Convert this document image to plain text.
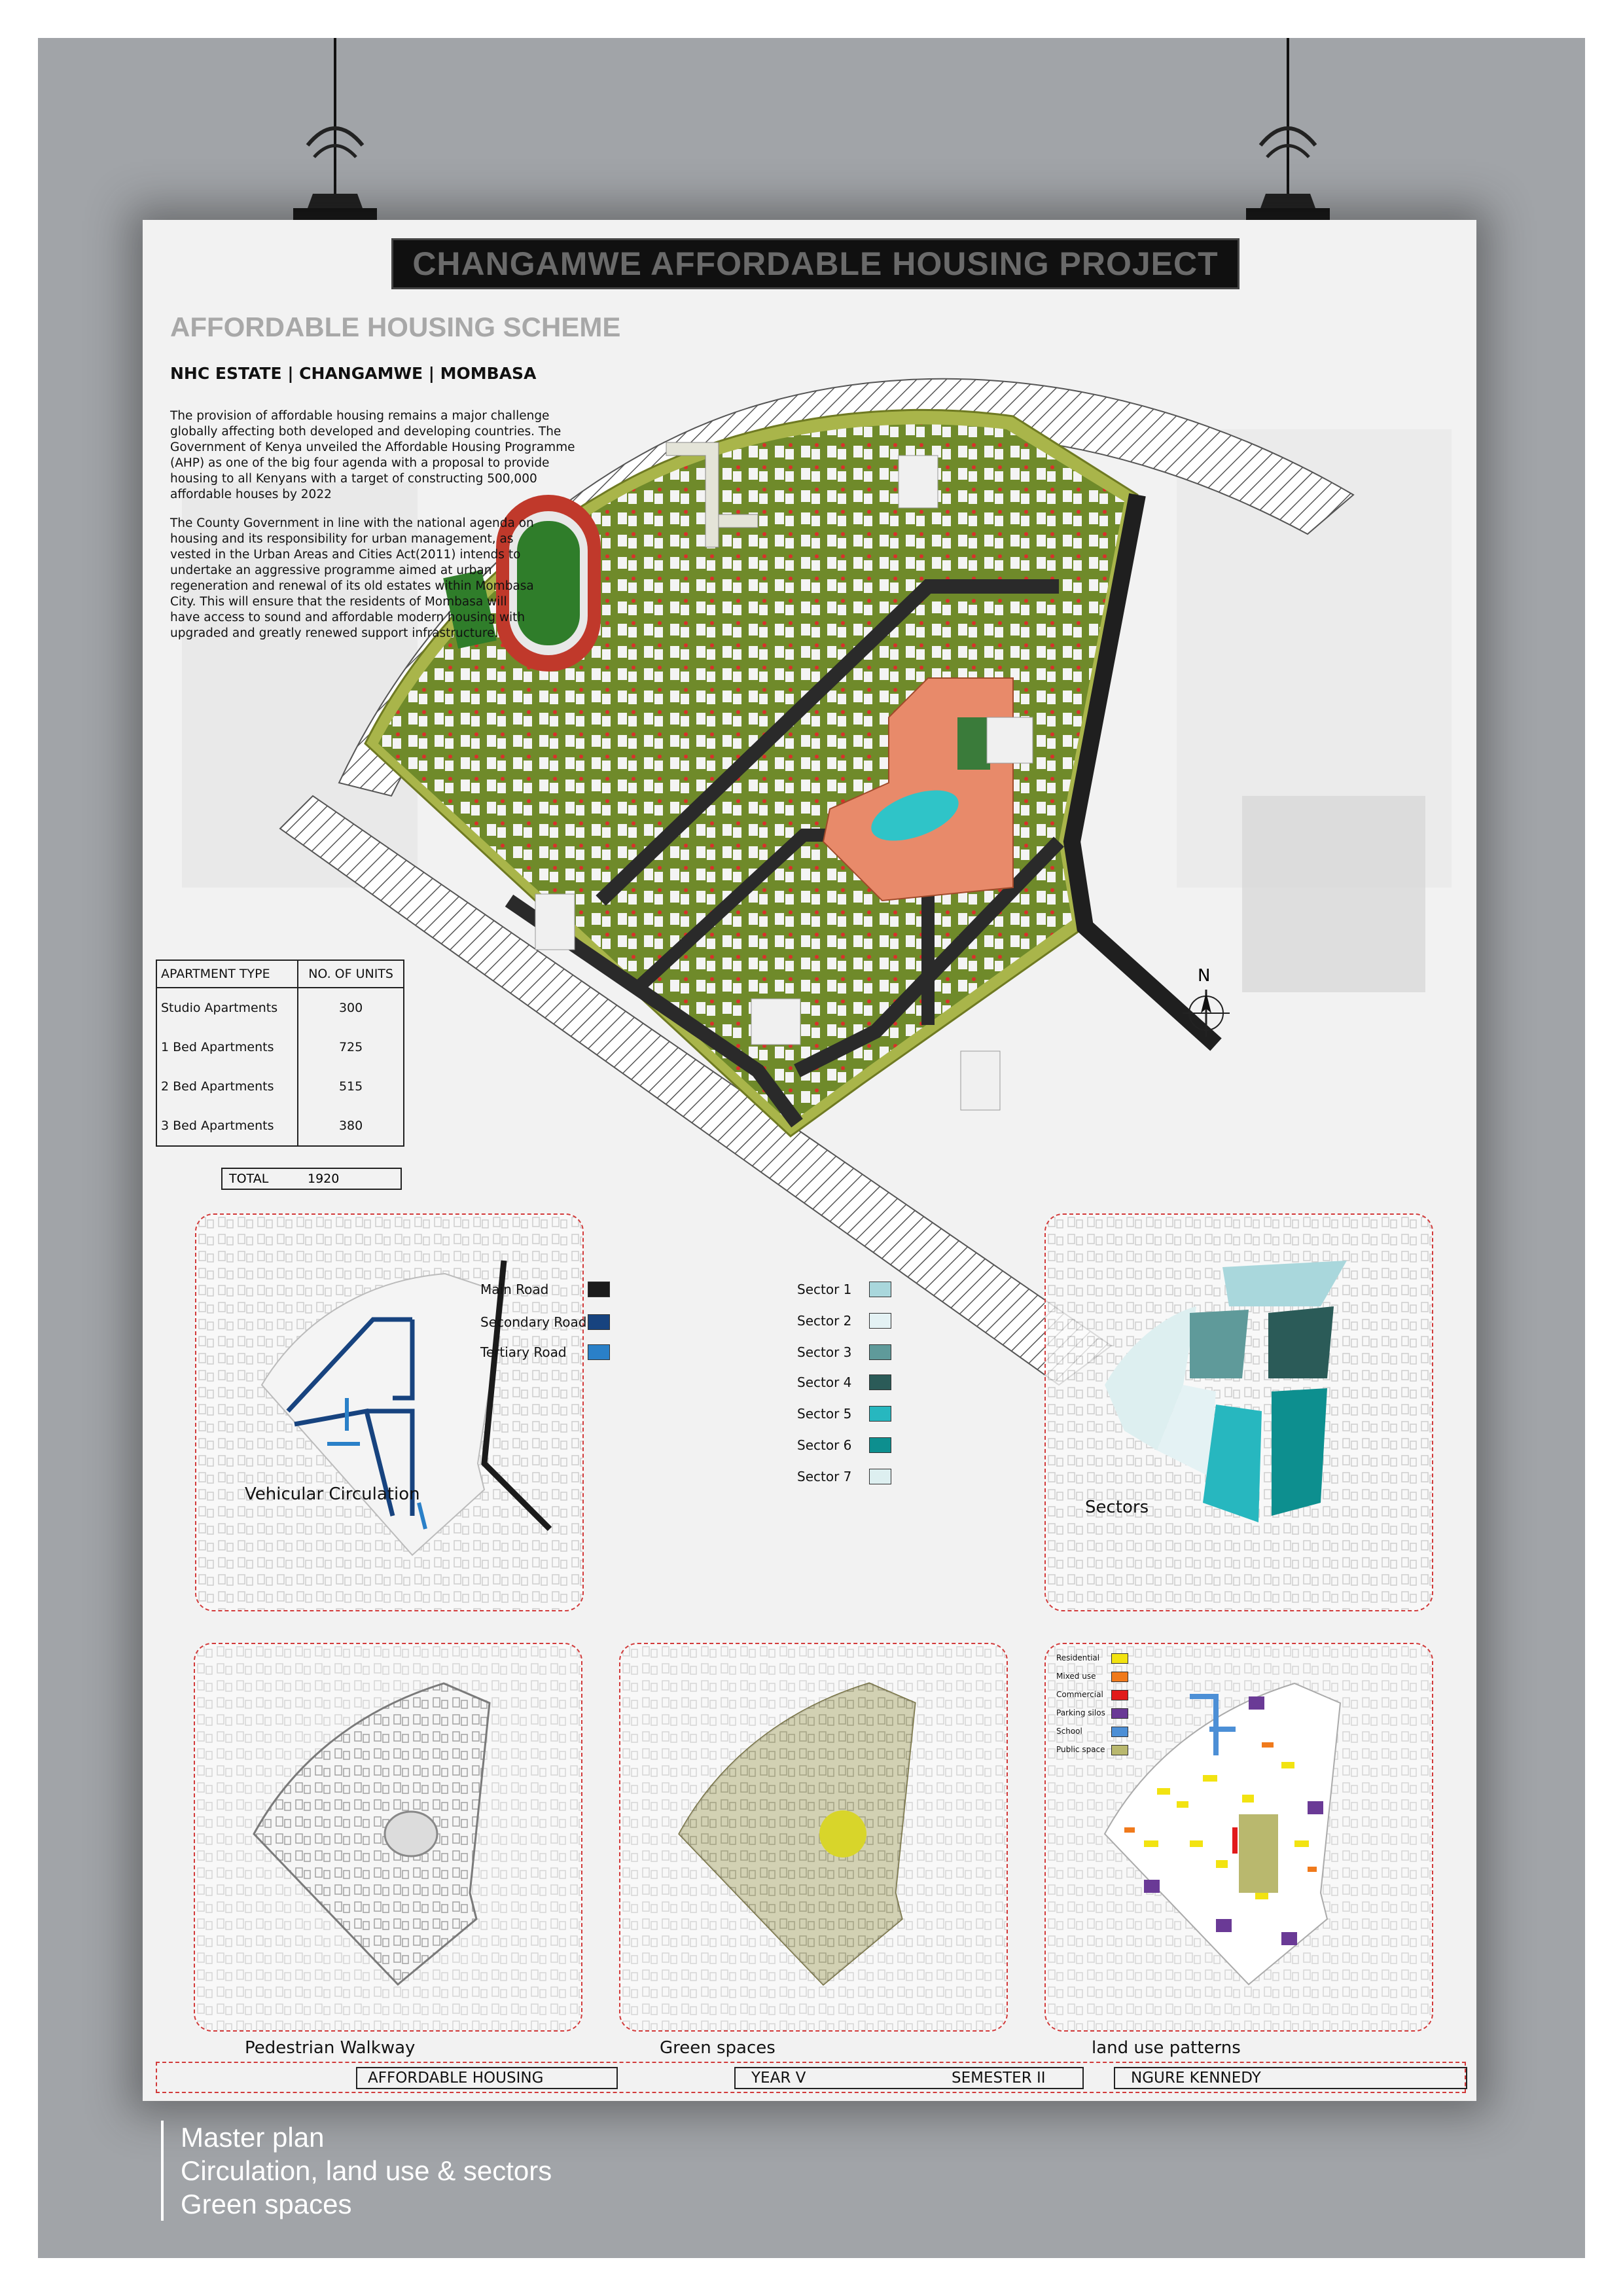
N
CHANGAMWE AFFORDABLE HOUSING PROJECT
AFFORDABLE HOUSING SCHEME
NHC ESTATE | CHANGAMWE | MOMBASA
The provision of affordable housing remains a major challenge globally affecting both developed and developing countries. The Government of Kenya unveiled the Affordable Housing Programme (AHP) as one of the big four agenda with a proposal to provide housing to all Kenyans with a target of constructing 500,000 affordable houses by 2022
The County Government in line with the national agenda on housing and its responsibility for urban management, as vested in the Urban Areas and Cities Act(2011) intends to undertake an aggressive programme aimed at urban regeneration and renewal of its old estates within Mombasa City. This will ensure that the residents of Mombasa will have access to sound and affordable modern housing with upgraded and greatly renewed support infrastructure.
APARTMENT TYPE	NO. OF UNITS
Studio Apartments	300
1 Bed Apartments	725
2 Bed Apartments	515
3 Bed Apartments	380
TOTAL	1920
Main Road
Secondary Road
Tertiary Road
Sector 1
Sector 2
Sector 3
Sector 4
Sector 5
Sector 6
Sector 7
Vehicular Circulation
Sectors
Residential
Mixed use
Commercial
Parking silos
School
Public space
Pedestrian Walkway	Green spaces	land use patterns
AFFORDABLE HOUSING	YEAR V	SEMESTER II	NGURE KENNEDY
Master plan
Circulation, land use & sectors
Green spaces
